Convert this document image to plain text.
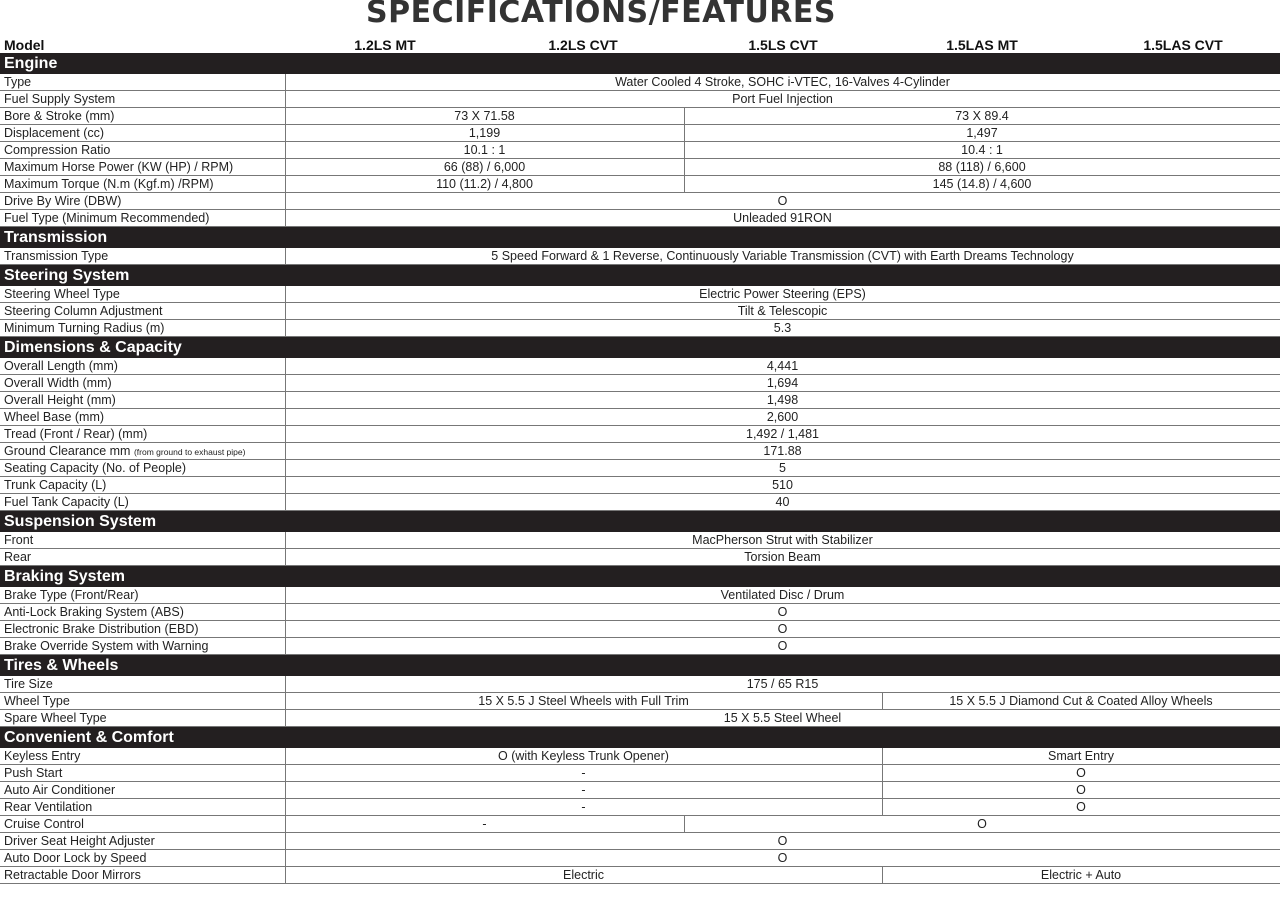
SPECIFICATIONS/FEATURES
Model	1.2LS MT	1.2LS CVT	1.5LS CVT	1.5LAS MT	1.5LAS CVT
Engine
Type	Water Cooled 4 Stroke, SOHC i-VTEC, 16-Valves 4-Cylinder
Fuel Supply System	Port Fuel Injection
Bore & Stroke (mm)	73 X 71.58	73 X 89.4
Displacement (cc)	1,199	1,497
Compression Ratio	10.1 : 1	10.4 : 1
Maximum Horse Power (KW (HP) / RPM)	66 (88) / 6,000	88 (118) / 6,600
Maximum Torque (N.m (Kgf.m) /RPM)	110 (11.2) / 4,800	145 (14.8) / 4,600
Drive By Wire (DBW)	O
Fuel Type (Minimum Recommended)	Unleaded 91RON
Transmission
Transmission Type	5 Speed Forward & 1 Reverse, Continuously Variable Transmission (CVT) with Earth Dreams Technology
Steering System
Steering Wheel Type	Electric Power Steering (EPS)
Steering Column Adjustment	Tilt & Telescopic
Minimum Turning Radius (m)	5.3
Dimensions & Capacity
Overall Length (mm)	4,441
Overall Width (mm)	1,694
Overall Height (mm)	1,498
Wheel Base (mm)	2,600
Tread (Front / Rear) (mm)	1,492 / 1,481
Ground Clearance mm (from ground to exhaust pipe)	171.88
Seating Capacity (No. of People)	5
Trunk Capacity (L)	510
Fuel Tank Capacity (L)	40
Suspension System
Front	MacPherson Strut with Stabilizer
Rear	Torsion Beam
Braking System
Brake Type (Front/Rear)	Ventilated Disc / Drum
Anti-Lock Braking System (ABS)	O
Electronic Brake Distribution (EBD)	O
Brake Override System with Warning	O
Tires & Wheels
Tire Size	175 / 65 R15
Wheel Type	15 X 5.5 J Steel Wheels with Full Trim	15 X 5.5 J Diamond Cut & Coated Alloy Wheels
Spare Wheel Type	15 X 5.5 Steel Wheel
Convenient & Comfort
Keyless Entry	O (with Keyless Trunk Opener)	Smart Entry
Push Start	-	O
Auto Air Conditioner	-	O
Rear Ventilation	-	O
Cruise Control	-	O
Driver Seat Height Adjuster	O
Auto Door Lock by Speed	O
Retractable Door Mirrors	Electric	Electric + Auto
